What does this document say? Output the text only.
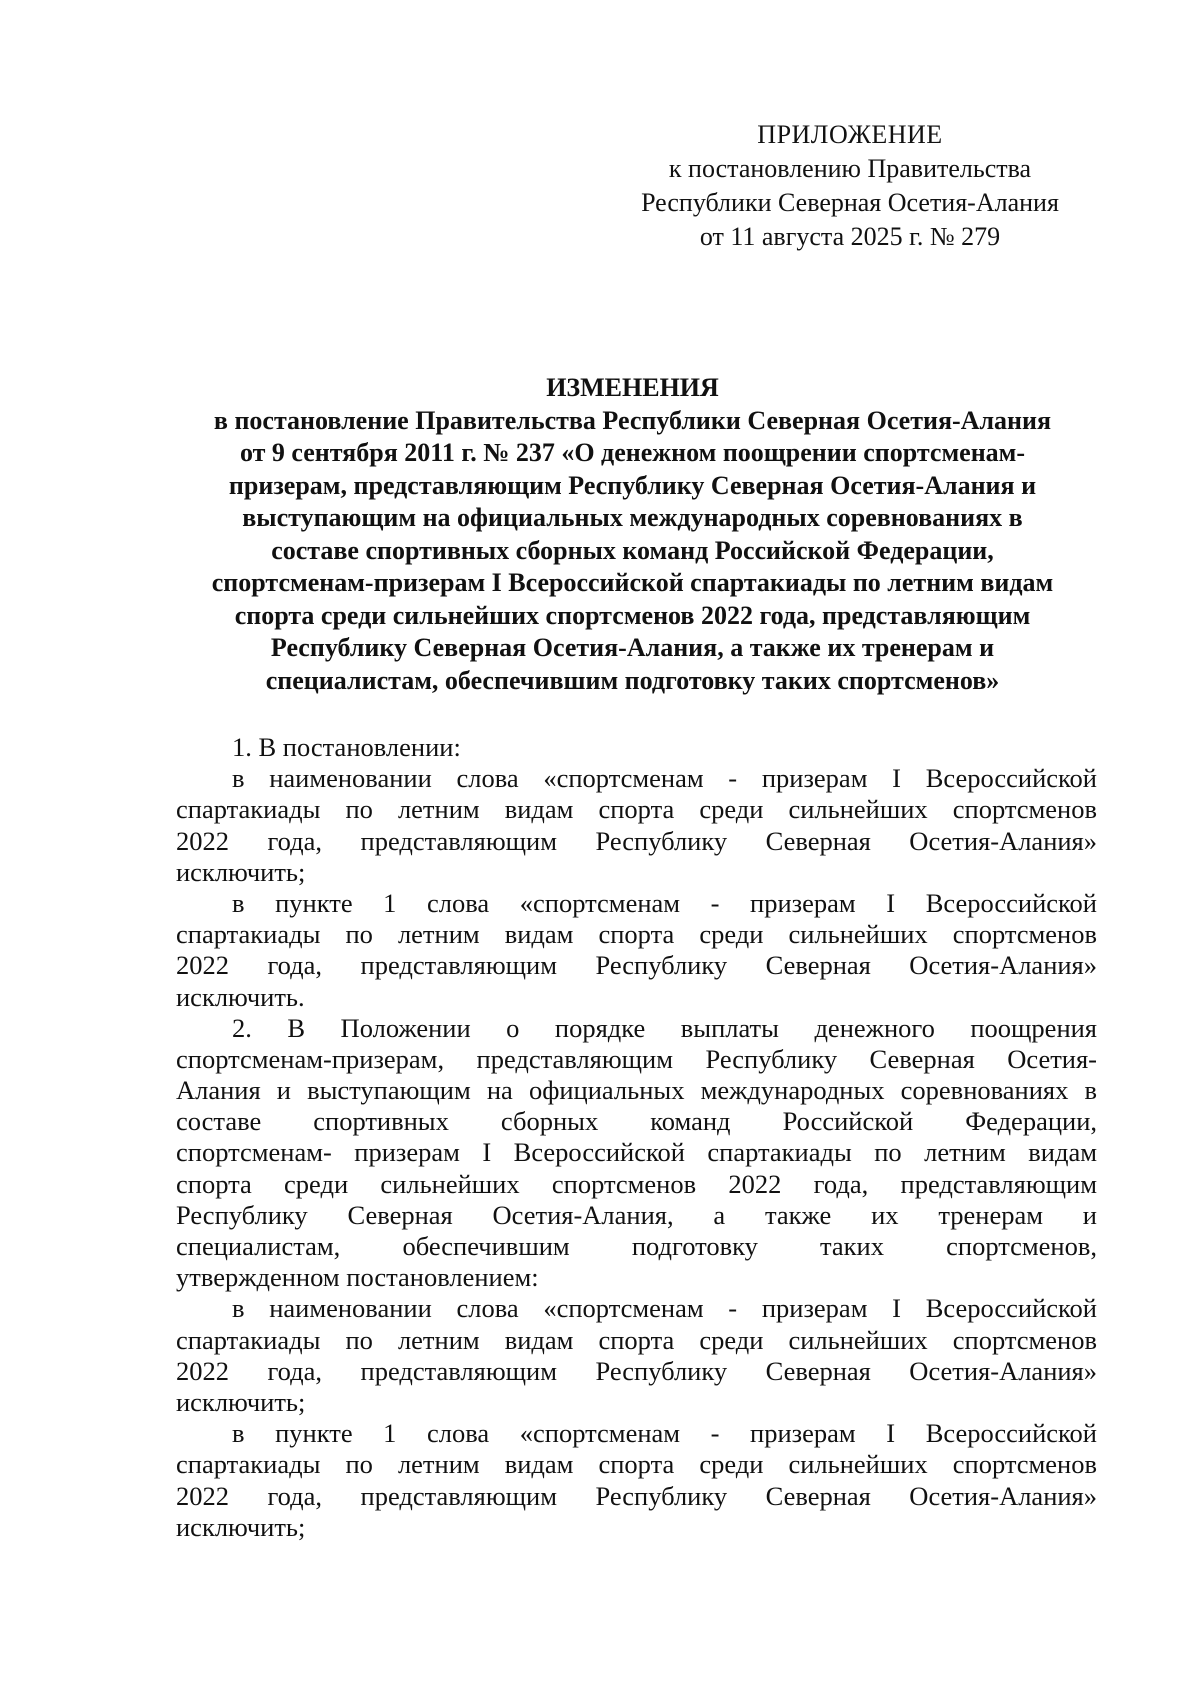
ПРИЛОЖЕНИЕ
к постановлению Правительства
Республики Северная Осетия-Алания
от 11 августа 2025 г. № 279
ИЗМЕНЕНИЯ
в постановление Правительства Республики Северная Осетия-Алания
от 9 сентября 2011 г. № 237 «О денежном поощрении спортсменам-
призерам, представляющим Республику Северная Осетия-Алания и
выступающим на официальных международных соревнованиях в
составе спортивных сборных команд Российской Федерации,
спортсменам-призерам I Всероссийской спартакиады по летним видам
спорта среди сильнейших спортсменов 2022 года, представляющим
Республику Северная Осетия-Алания, а также их тренерам и
специалистам, обеспечившим подготовку таких спортсменов»
1. В постановлении:
в наименовании слова «спортсменам - призерам I Всероссийской
спартакиады по летним видам спорта среди сильнейших спортсменов
2022 года, представляющим Республику Северная Осетия-Алания»
исключить;
в пункте 1 слова «спортсменам - призерам I Всероссийской
спартакиады по летним видам спорта среди сильнейших спортсменов
2022 года, представляющим Республику Северная Осетия-Алания»
исключить.
2. В Положении о порядке выплаты денежного поощрения
спортсменам-призерам, представляющим Республику Северная Осетия-
Алания и выступающим на официальных международных соревнованиях в
составе спортивных сборных команд Российской Федерации,
спортсменам- призерам I Всероссийской спартакиады по летним видам
спорта среди сильнейших спортсменов 2022 года, представляющим
Республику Северная Осетия-Алания, а также их тренерам и
специалистам, обеспечившим подготовку таких спортсменов,
утвержденном постановлением:
в наименовании слова «спортсменам - призерам I Всероссийской
спартакиады по летним видам спорта среди сильнейших спортсменов
2022 года, представляющим Республику Северная Осетия-Алания»
исключить;
в пункте 1 слова «спортсменам - призерам I Всероссийской
спартакиады по летним видам спорта среди сильнейших спортсменов
2022 года, представляющим Республику Северная Осетия-Алания»
исключить;
